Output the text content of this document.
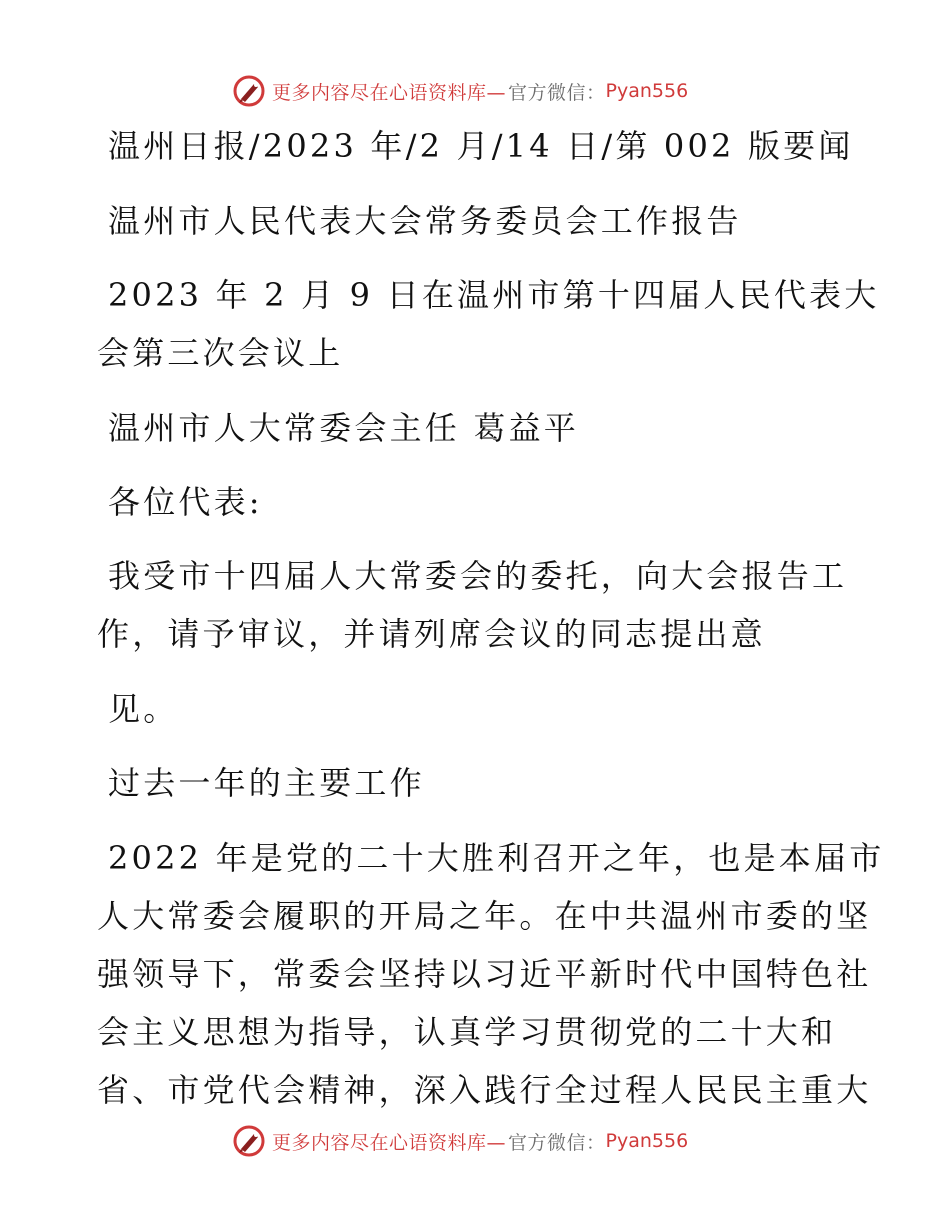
更多内容尽在心语资料库— 官方微信： Pyan556
温州日报/2023 年/2 月/14 日/第 002 版要闻
温州市人民代表大会常务委员会工作报告
2023 年 2 月 9 日在温州市第十四届人民代表大
会第三次会议上
温州市人大常委会主任 葛益平
各位代表:
我受市十四届人大常委会的委托，向大会报告工
作，请予审议，并请列席会议的同志提出意
见。
过去一年的主要工作
2022 年是党的二十大胜利召开之年，也是本届市
人大常委会履职的开局之年。在中共温州市委的坚
强领导下，常委会坚持以习近平新时代中国特色社
会主义思想为指导，认真学习贯彻党的二十大和
省、市党代会精神，深入践行全过程人民民主重大
更多内容尽在心语资料库— 官方微信： Pyan556
